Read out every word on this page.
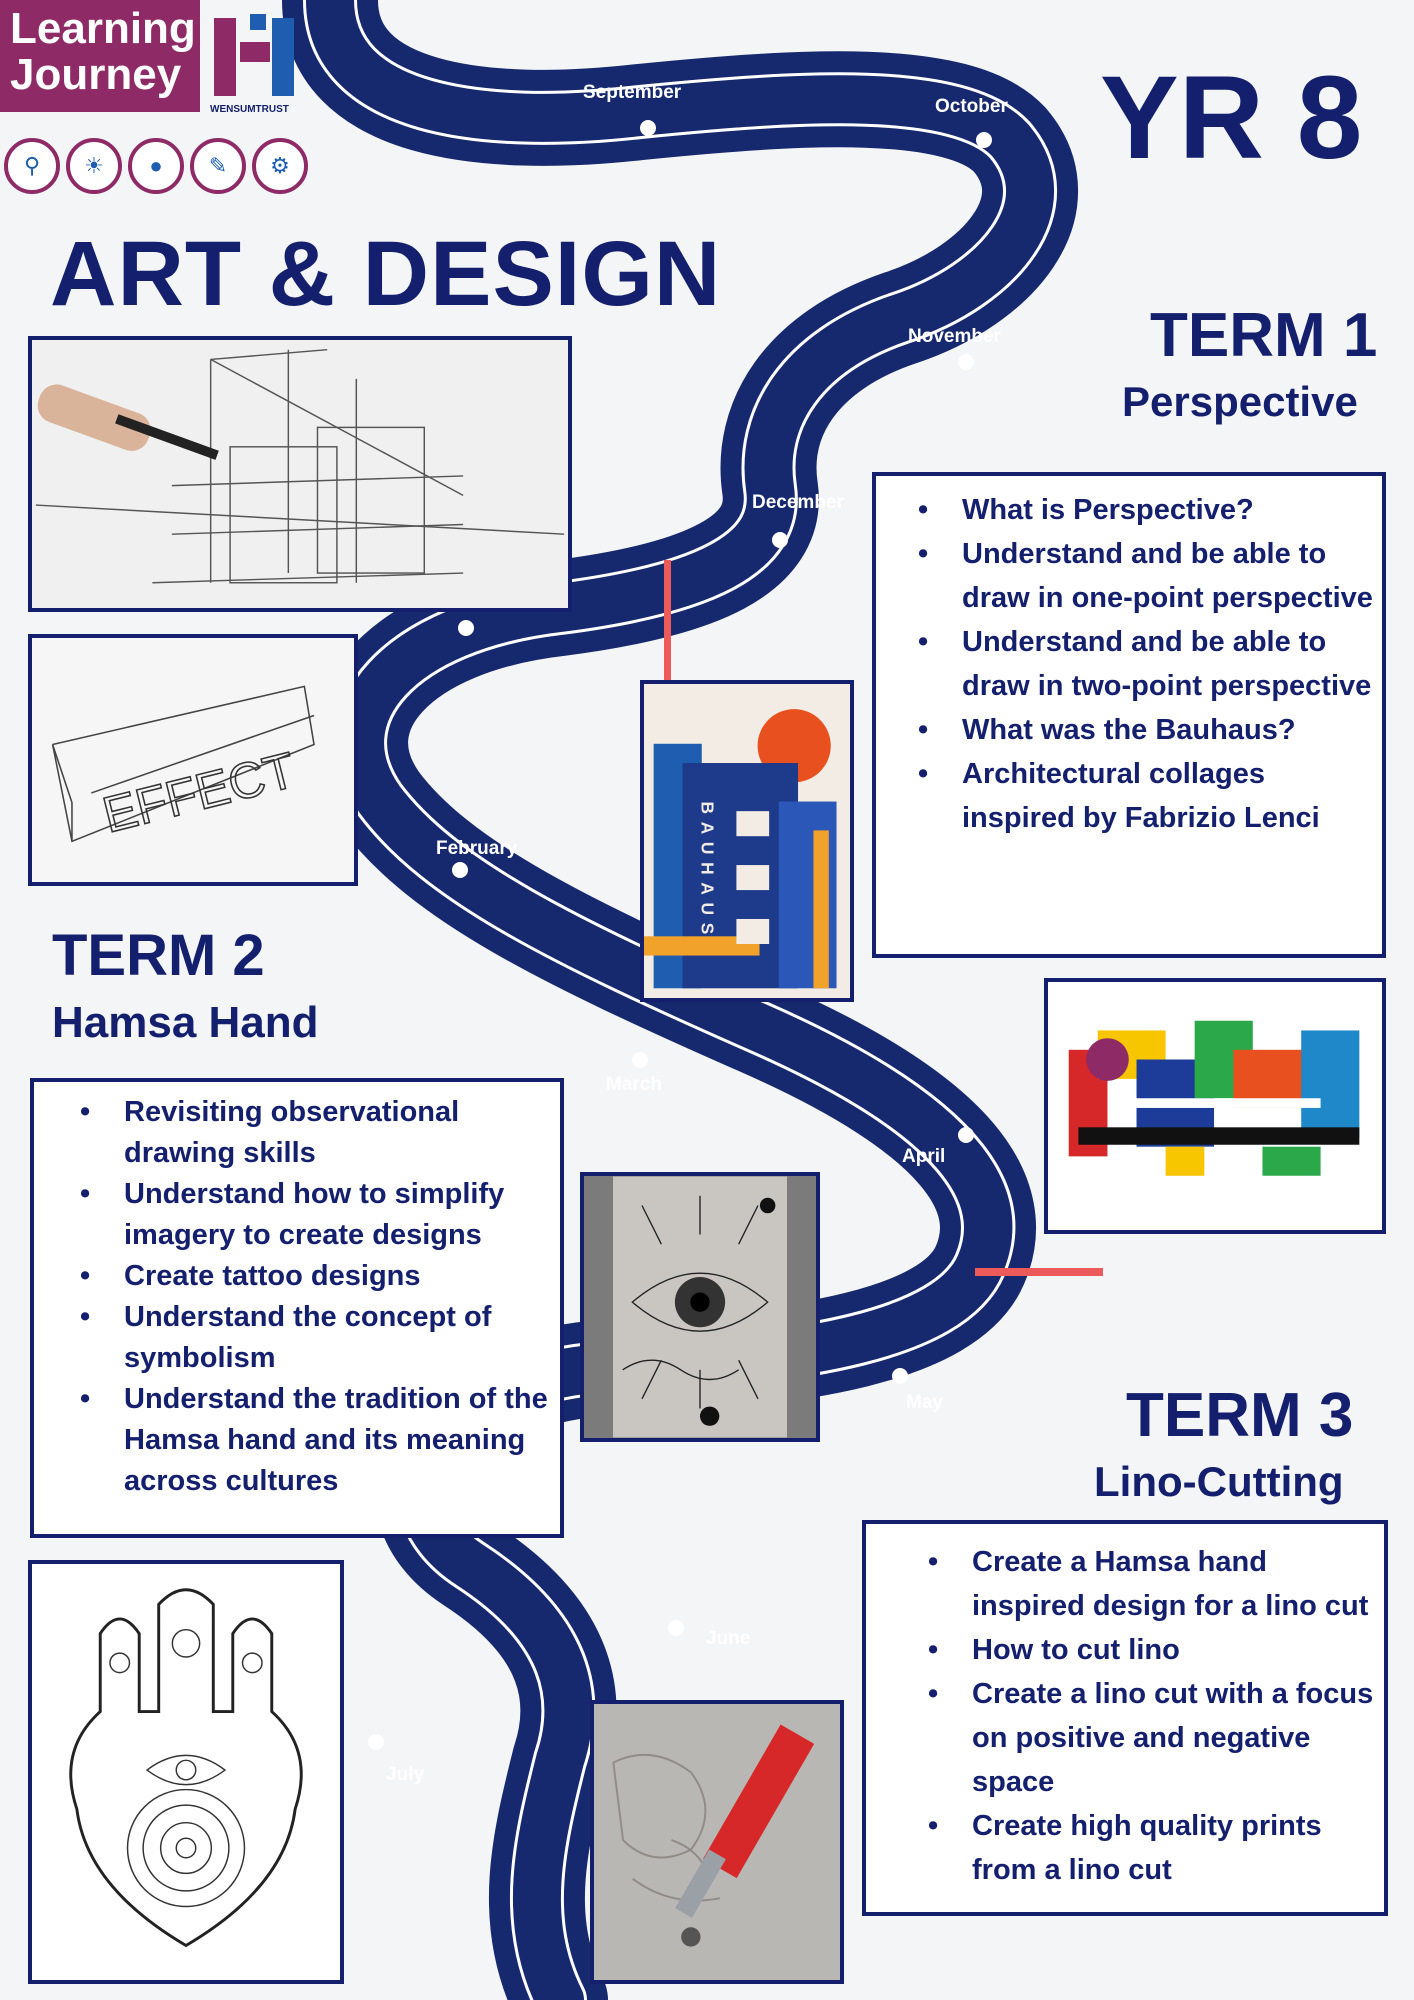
September
October
November
December
February
March
April
May
June
July
Learning Journey
WENSUMTRUST
⚲	☀	●	✎	⚙	YR 8
ART & DESIGN
TERM 1
Perspective
• What is Perspective?
• Understand and be able to draw in one-point perspective
• Understand and be able to draw in two-point perspective
• What was the Bauhaus?
• Architectural collages inspired by Fabrizio Lenci
TERM 2
Hamsa Hand
• Revisiting observational drawing skills
• Understand how to simplify imagery to create designs
• Create tattoo designs
• Understand the concept of symbolism
• Understand the tradition of the Hamsa hand and its meaning across cultures
TERM 3
Lino-Cutting
• Create a Hamsa hand inspired design for a lino cut
• How to cut lino
• Create a lino cut with a focus on positive and negative space
• Create high quality prints from a lino cut
EFFECT
BAUHAUS
